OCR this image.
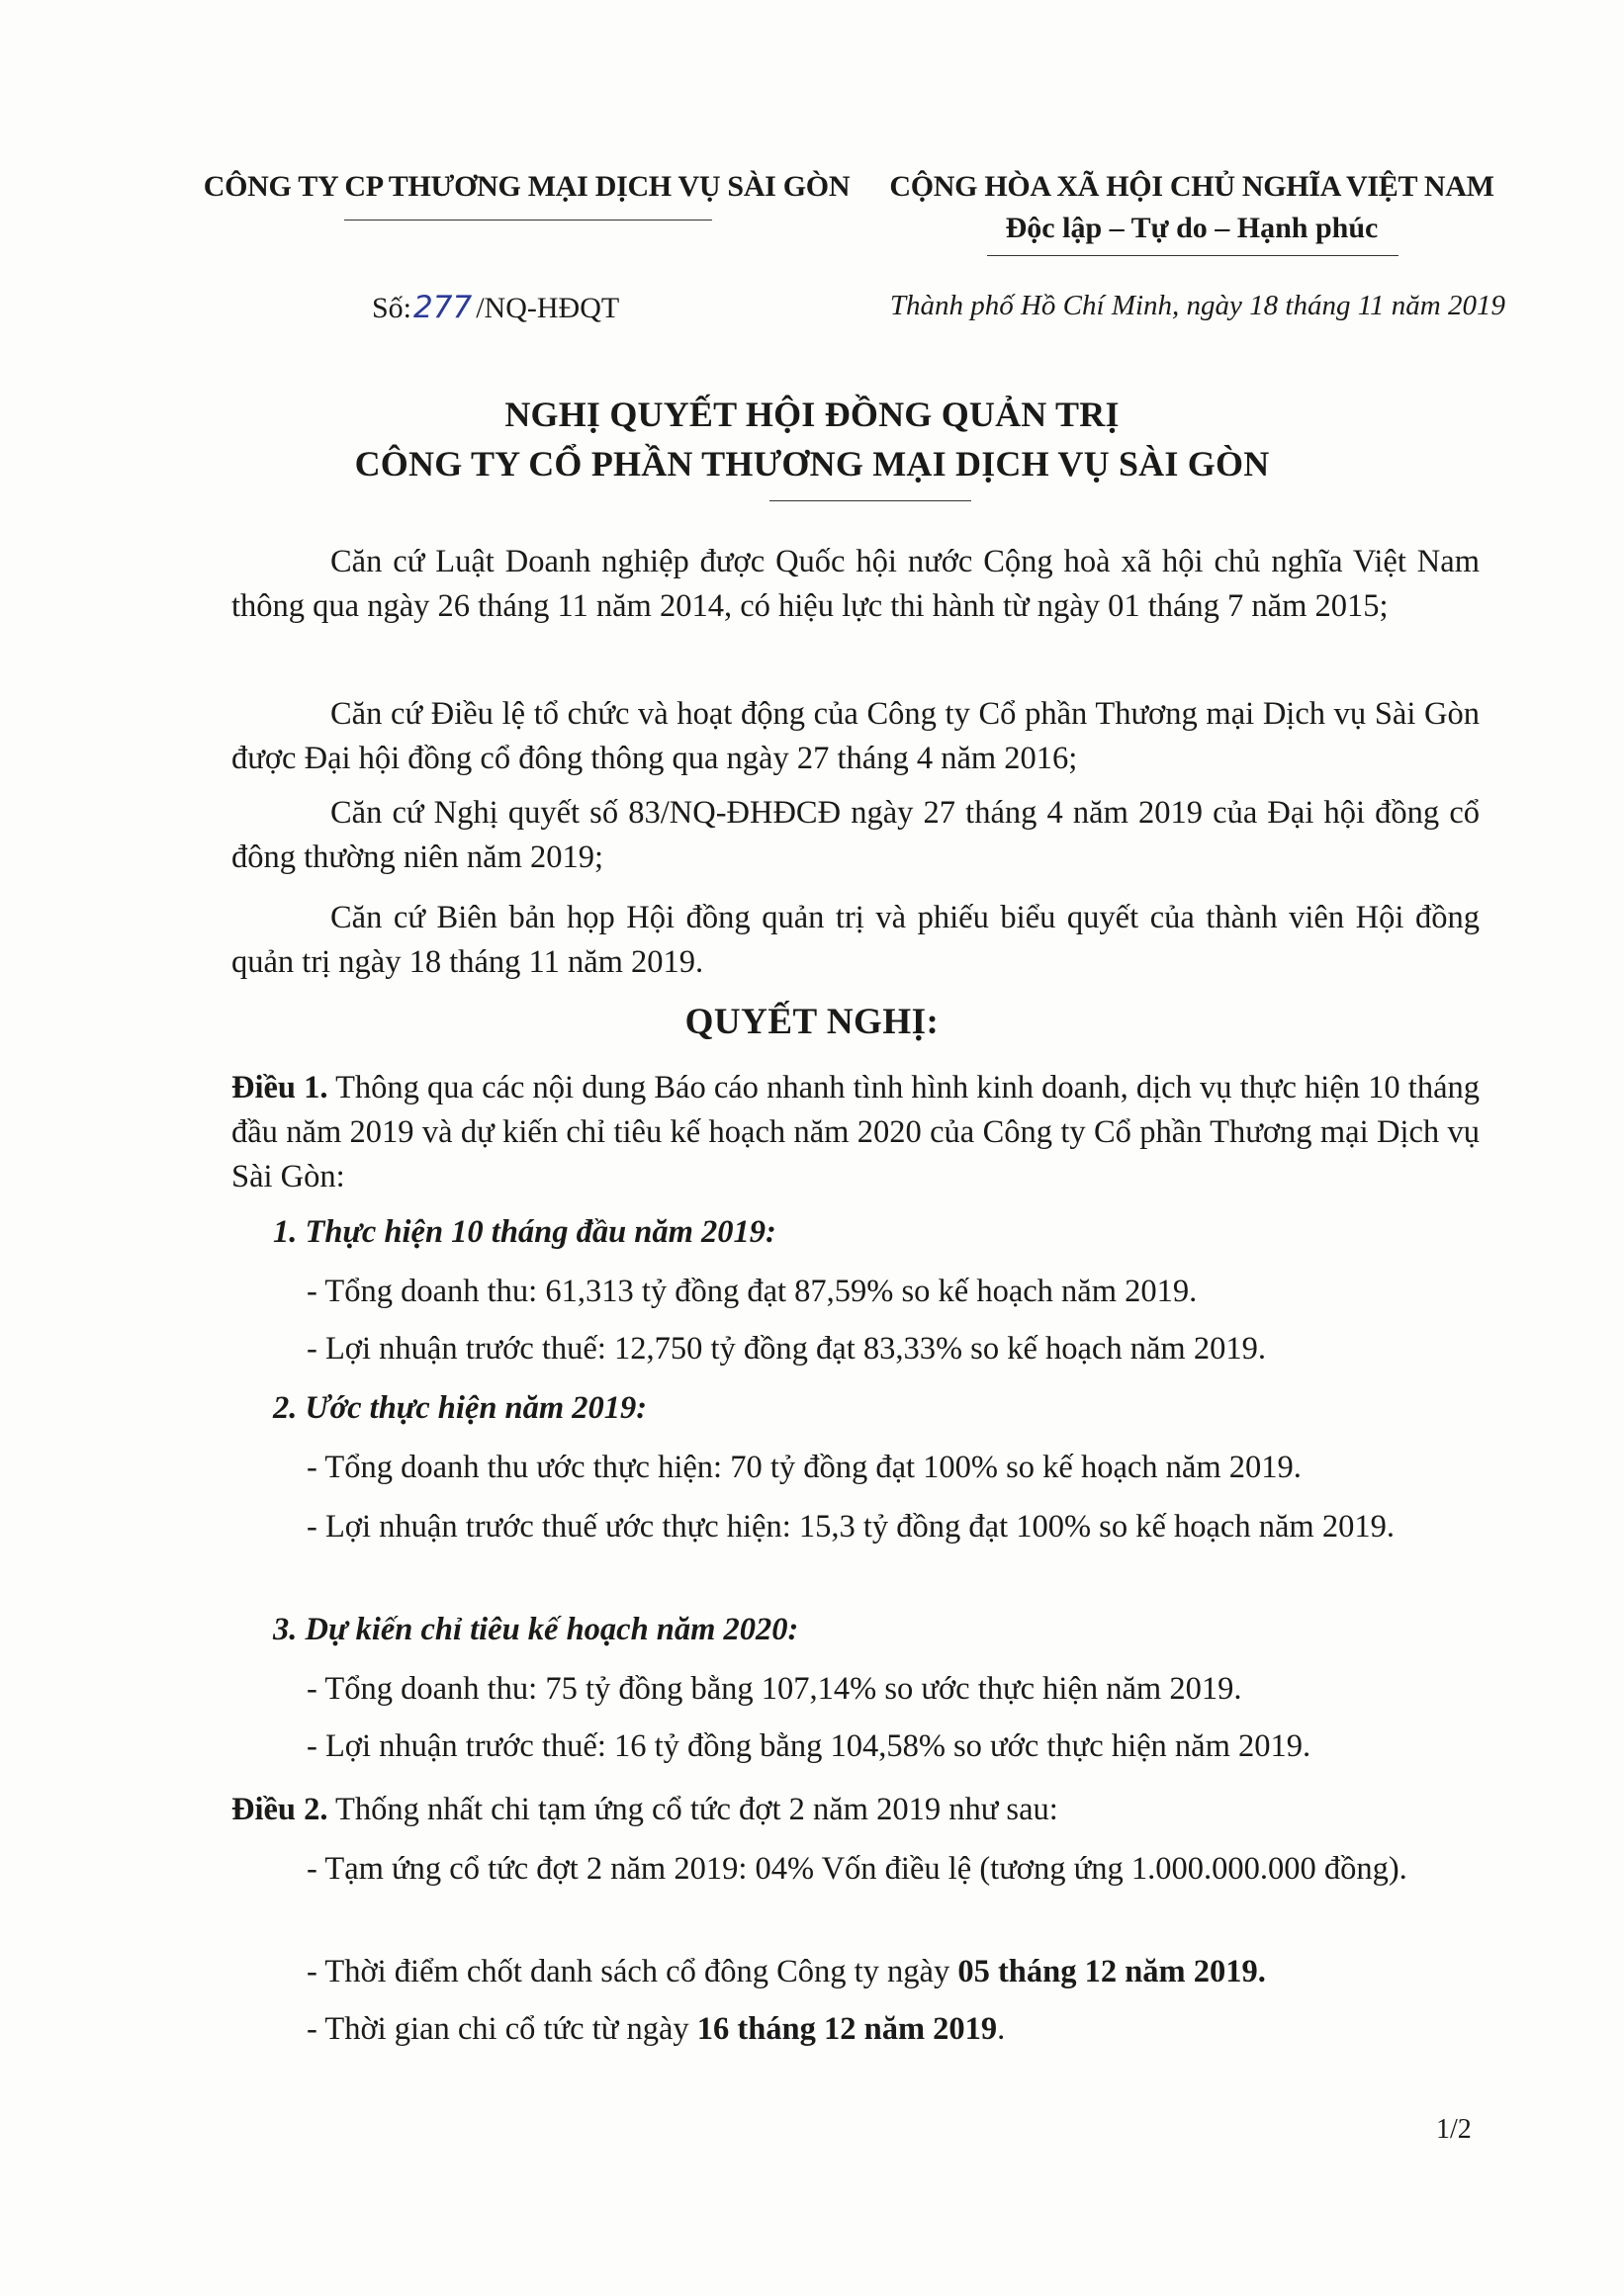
CÔNG TY CP THƯƠNG MẠI DỊCH VỤ SÀI GÒN	CỘNG HÒA XÃ HỘI CHỦ NGHĨA VIỆT NAM
Độc lập – Tự do – Hạnh phúc
Số:277 /NQ-HĐQT	Thành phố Hồ Chí Minh, ngày 18 tháng 11 năm 2019
NGHỊ QUYẾT HỘI ĐỒNG QUẢN TRỊ
CÔNG TY CỔ PHẦN THƯƠNG MẠI DỊCH VỤ SÀI GÒN

Căn cứ Luật Doanh nghiệp được Quốc hội nước Cộng hoà xã hội chủ nghĩa Việt Nam thông qua ngày 26 tháng 11 năm 2014, có hiệu lực thi hành từ ngày 01 tháng 7 năm 2015;

Căn cứ Điều lệ tổ chức và hoạt động của Công ty Cổ phần Thương mại Dịch vụ Sài Gòn được Đại hội đồng cổ đông thông qua ngày 27 tháng 4 năm 2016;

Căn cứ Nghị quyết số 83/NQ-ĐHĐCĐ ngày 27 tháng 4 năm 2019 của Đại hội đồng cổ đông thường niên năm 2019;

Căn cứ Biên bản họp Hội đồng quản trị và phiếu biểu quyết của thành viên Hội đồng quản trị ngày 18 tháng 11 năm 2019.

QUYẾT NGHỊ:

Điều 1. Thông qua các nội dung Báo cáo nhanh tình hình kinh doanh, dịch vụ thực hiện 10 tháng đầu năm 2019 và dự kiến chỉ tiêu kế hoạch năm 2020 của Công ty Cổ phần Thương mại Dịch vụ Sài Gòn:

1. Thực hiện 10 tháng đầu năm 2019:
- Tổng doanh thu: 61,313 tỷ đồng đạt 87,59% so kế hoạch năm 2019.
- Lợi nhuận trước thuế: 12,750 tỷ đồng đạt 83,33% so kế hoạch năm 2019.
2. Ước thực hiện năm 2019:
- Tổng doanh thu ước thực hiện: 70 tỷ đồng đạt 100% so kế hoạch năm 2019.
- Lợi nhuận trước thuế ước thực hiện: 15,3 tỷ đồng đạt 100% so kế hoạch năm 2019.
3. Dự kiến chỉ tiêu kế hoạch năm 2020:
- Tổng doanh thu: 75 tỷ đồng bằng 107,14% so ước thực hiện năm 2019.
- Lợi nhuận trước thuế: 16 tỷ đồng bằng 104,58% so ước thực hiện năm 2019.

Điều 2. Thống nhất chi tạm ứng cổ tức đợt 2 năm 2019 như sau:

- Tạm ứng cổ tức đợt 2 năm 2019: 04% Vốn điều lệ (tương ứng 1.000.000.000 đồng).
- Thời điểm chốt danh sách cổ đông Công ty ngày 05 tháng 12 năm 2019.
- Thời gian chi cổ tức từ ngày 16 tháng 12 năm 2019.
1/2
